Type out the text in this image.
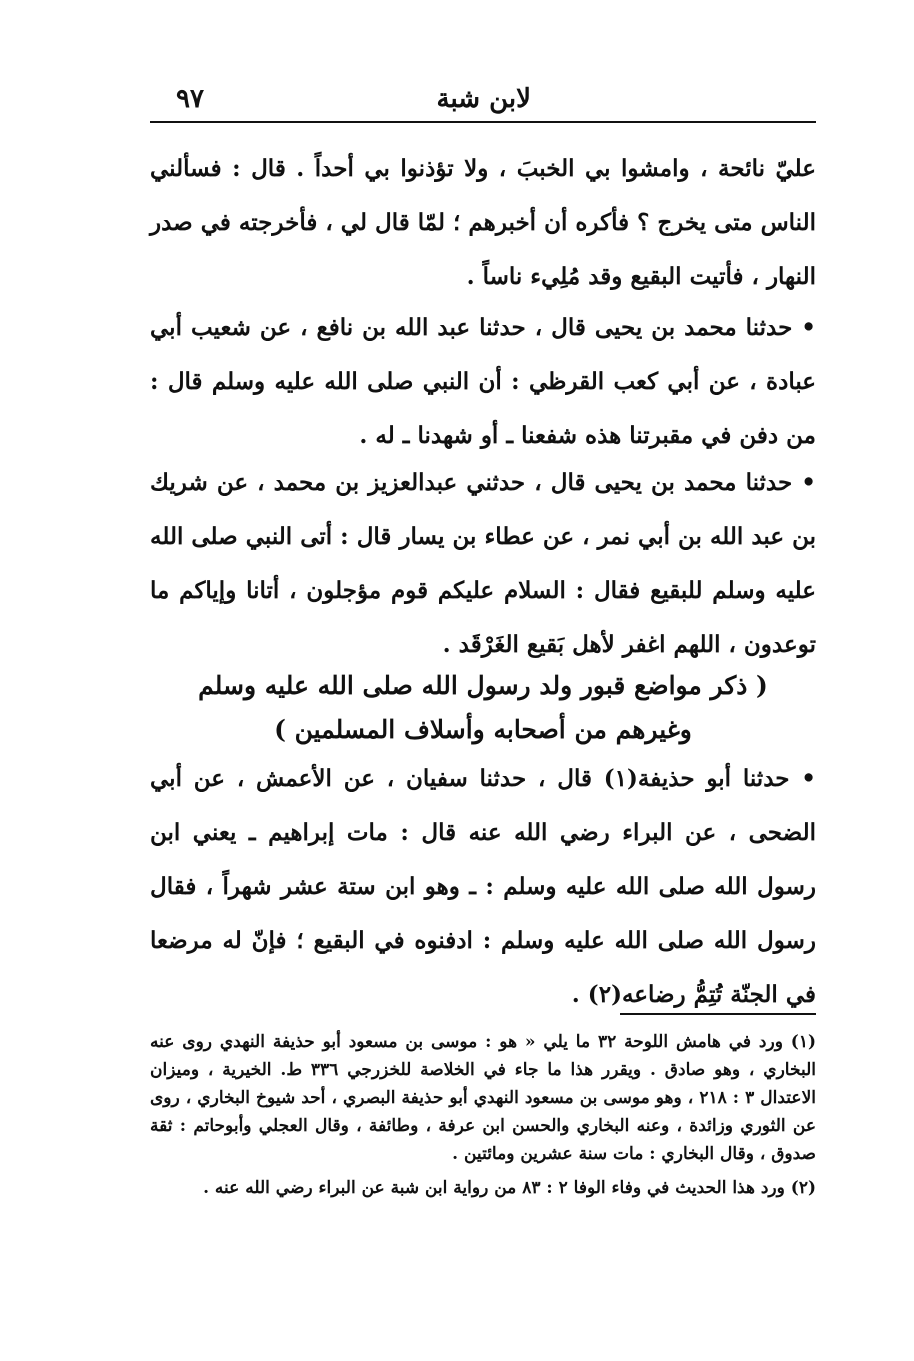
لابن شبة
٩٧

عليّ نائحة ، وامشوا بي الخببَ ، ولا تؤذنوا بي أحداً . قال : فسألني الناس متى يخرج ؟ فأكره أن أخبرهم ؛ لمّا قال لي ، فأخرجته في صدر النهار ، فأتيت البقيع وقد مُلِيء ناساً .

• حدثنا محمد بن يحيى قال ، حدثنا عبد الله بن نافع ، عن شعيب أبي عبادة ، عن أبي كعب القرظي : أن النبي صلى الله عليه وسلم قال : من دفن في مقبرتنا هذه شفعنا ـ أو شهدنا ـ له .

• حدثنا محمد بن يحيى قال ، حدثني عبدالعزيز بن محمد ، عن شريك بن عبد الله بن أبي نمر ، عن عطاء بن يسار قال : أتى النبي صلى الله عليه وسلم للبقيع فقال : السلام عليكم قوم مؤجلون ، أتانا وإياكم ما توعدون ، اللهم اغفر لأهل بَقيع الغَرْقَد .

( ذكر مواضع قبور ولد رسول الله صلى الله عليه وسلم
وغيرهم من أصحابه وأسلاف المسلمين )

• حدثنا أبو حذيفة(١) قال ، حدثنا سفيان ، عن الأعمش ، عن أبي الضحى ، عن البراء رضي الله عنه قال : مات إبراهيم ـ يعني ابن رسول الله صلى الله عليه وسلم : ـ وهو ابن ستة عشر شهراً ، فقال رسول الله صلى الله عليه وسلم : ادفنوه في البقيع ؛ فإنّ له مرضعا في الجنّة تُتِمُّ رضاعه(٢) .

(١) ورد في هامش اللوحة ٣٢ ما يلي « هو : موسى بن مسعود أبو حذيفة النهدي روى عنه البخاري ، وهو صادق . ويقرر هذا ما جاء في الخلاصة للخزرجي ٣٣٦ ط. الخيرية ، وميزان الاعتدال ٣ : ٢١٨ ، وهو موسى بن مسعود النهدي أبو حذيفة البصري ، أحد شيوخ البخاري ، روى عن الثوري وزائدة ، وعنه البخاري والحسن ابن عرفة ، وطائفة ، وقال العجلي وأبوحاتم : ثقة صدوق ، وقال البخاري : مات سنة عشرين ومائتين .

(٢) ورد هذا الحديث في وفاء الوفا ٢ : ٨٣ من رواية ابن شبة عن البراء رضي الله عنه .
